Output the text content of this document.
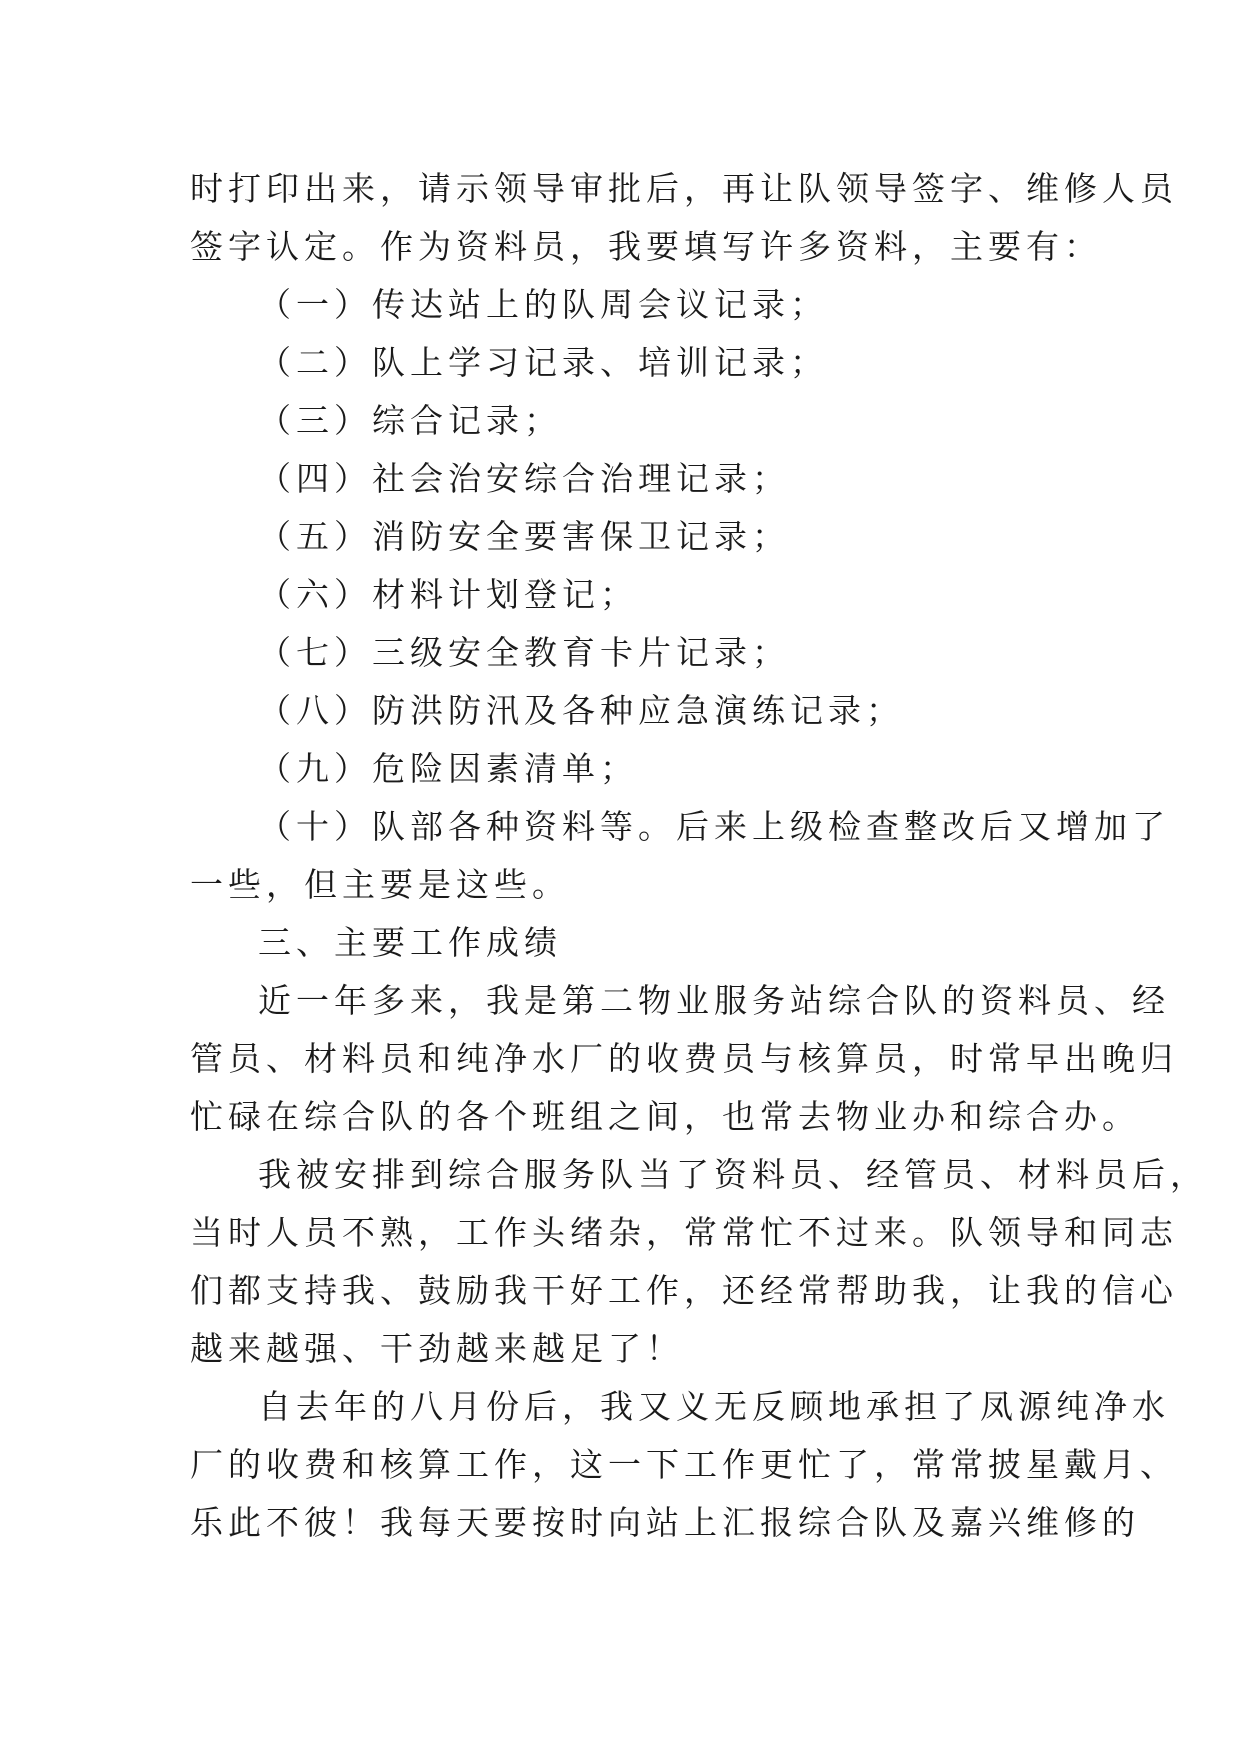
时打印出来，请示领导审批后，再让队领导签字、维修人员
签字认定。作为资料员，我要填写许多资料，主要有：
（一）传达站上的队周会议记录；
（二）队上学习记录、培训记录；
（三）综合记录；
（四）社会治安综合治理记录；
（五）消防安全要害保卫记录；
（六）材料计划登记；
（七）三级安全教育卡片记录；
（八）防洪防汛及各种应急演练记录；
（九）危险因素清单；
（十）队部各种资料等。后来上级检查整改后又增加了
一些，但主要是这些。
三、主要工作成绩
近一年多来，我是第二物业服务站综合队的资料员、经
管员、材料员和纯净水厂的收费员与核算员，时常早出晚归
忙碌在综合队的各个班组之间，也常去物业办和综合办。
我被安排到综合服务队当了资料员、经管员、材料员后，
当时人员不熟，工作头绪杂，常常忙不过来。队领导和同志
们都支持我、鼓励我干好工作，还经常帮助我，让我的信心
越来越强、干劲越来越足了！
自去年的八月份后，我又义无反顾地承担了凤源纯净水
厂的收费和核算工作，这一下工作更忙了，常常披星戴月、
乐此不彼！我每天要按时向站上汇报综合队及嘉兴维修的
